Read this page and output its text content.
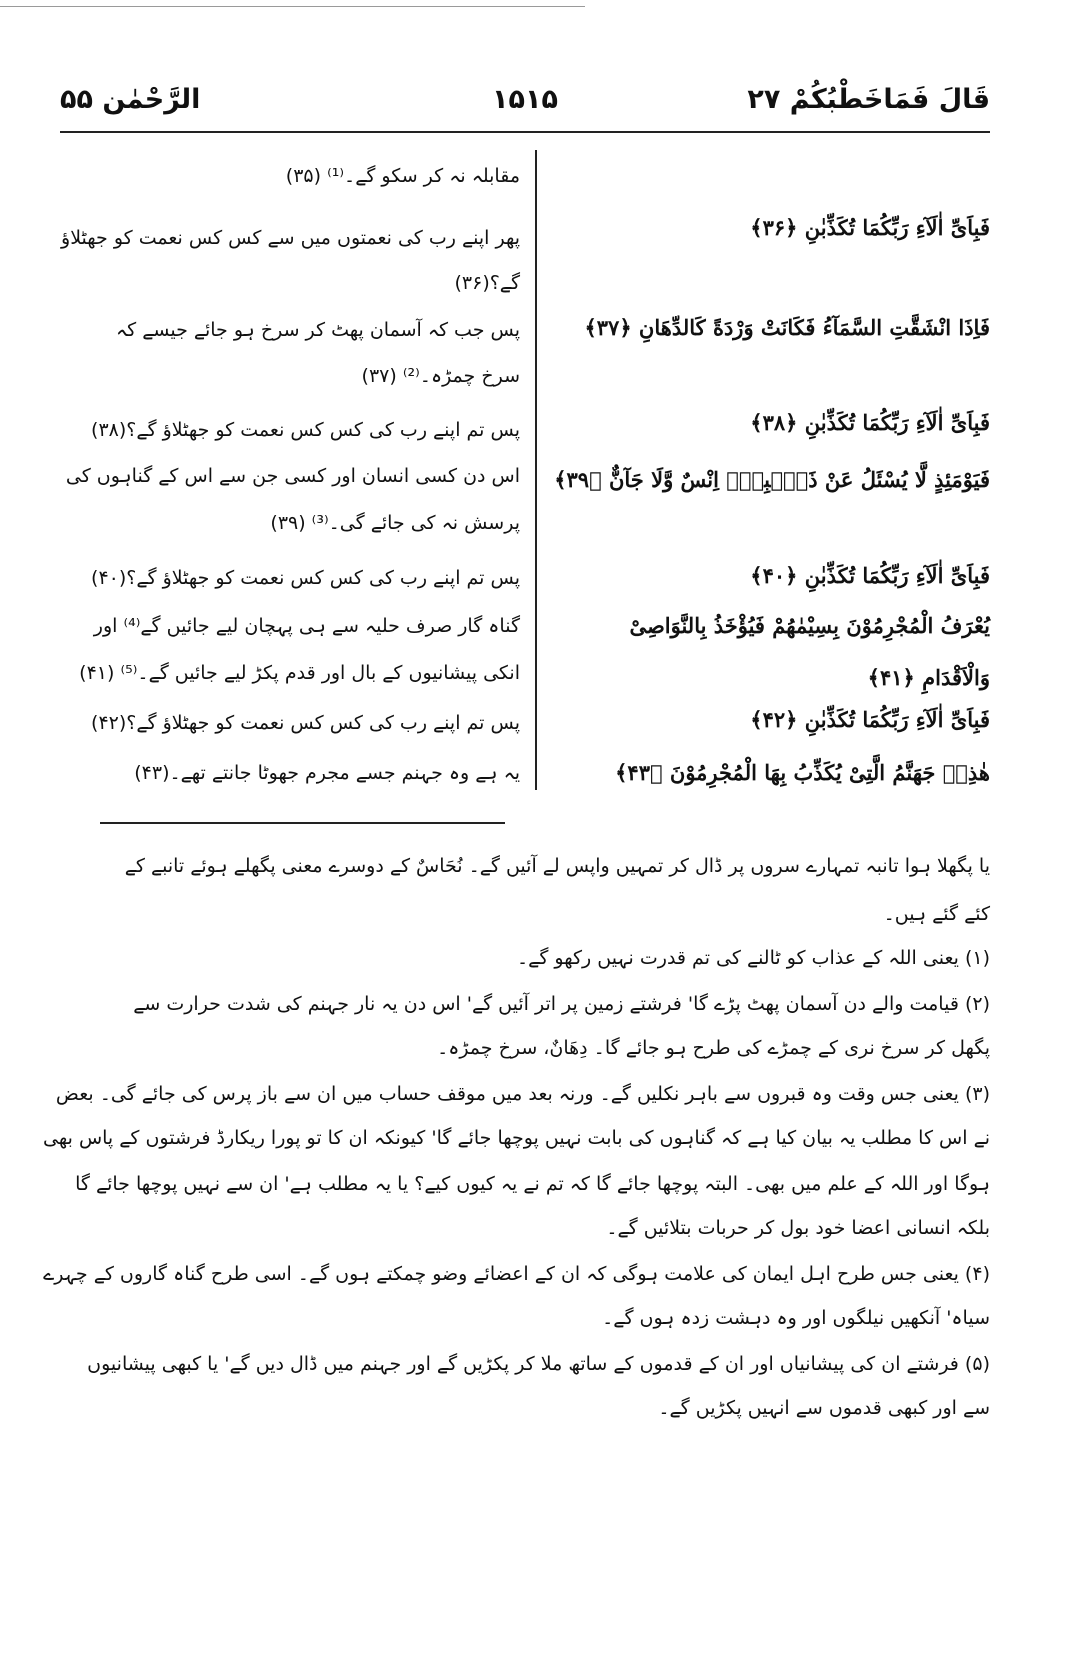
قَالَ فَمَاخَطْبُكُمْ ٢٧
۱۵۱۵
الرَّحْمٰن ۵۵
فَبِاَیِّ اٰلَآءِ رَبِّكُمَا تُكَذِّبٰنِ ﴿۳۶﴾
فَاِذَا انْشَقَّتِ السَّمَآءُ فَكَانَتْ وَرْدَةً كَالدِّهَانِ ﴿۳۷﴾
فَبِاَیِّ اٰلَآءِ رَبِّكُمَا تُكَذِّبٰنِ ﴿۳۸﴾
فَیَوْمَئِذٍ لَّا یُسْئَلُ عَنْ ذَنْۢبِهٖۤ اِنْسٌ وَّلَا جَآنٌّ ﴿۳۹﴾
فَبِاَیِّ اٰلَآءِ رَبِّكُمَا تُكَذِّبٰنِ ﴿۴۰﴾
یُعْرَفُ الْمُجْرِمُوْنَ بِسِیْمٰهُمْ فَیُؤْخَذُ بِالنَّوَاصِیْ
وَالْاَقْدَامِ ﴿۴۱﴾
فَبِاَیِّ اٰلَآءِ رَبِّكُمَا تُكَذِّبٰنِ ﴿۴۲﴾
هٰذِهٖ جَهَنَّمُ الَّتِیْ یُكَذِّبُ بِهَا الْمُجْرِمُوْنَ ﴿۴۳﴾
مقابلہ نہ کر سکو گے۔⁽¹⁾ (۳۵)
پھر اپنے رب کی نعمتوں میں سے کس کس نعمت کو جھٹلاؤ
گے؟(۳۶)
پس جب کہ آسمان پھٹ کر سرخ ہو جائے جیسے کہ
سرخ چمڑہ۔⁽²⁾ (۳۷)
پس تم اپنے رب کی کس کس نعمت کو جھٹلاؤ گے؟(۳۸)
اس دن کسی انسان اور کسی جن سے اس کے گناہوں کی
پرسش نہ کی جائے گی۔⁽³⁾ (۳۹)
پس تم اپنے رب کی کس کس نعمت کو جھٹلاؤ گے؟(۴۰)
گناہ گار صرف حلیہ سے ہی پہچان لیے جائیں گے⁽⁴⁾ اور
انکی پیشانیوں کے بال اور قدم پکڑ لیے جائیں گے۔⁽⁵⁾ (۴۱)
پس تم اپنے رب کی کس کس نعمت کو جھٹلاؤ گے؟(۴۲)
یہ ہے وہ جہنم جسے مجرم جھوٹا جانتے تھے۔(۴۳)
یا پگھلا ہوا تانبہ تمہارے سروں پر ڈال کر تمہیں واپس لے آئیں گے۔ نُحَاسٌ کے دوسرے معنی پگھلے ہوئے تانبے کے
کئے گئے ہیں۔
(۱) یعنی اللہ کے عذاب کو ٹالنے کی تم قدرت نہیں رکھو گے۔
(۲) قیامت والے دن آسمان پھٹ پڑے گا' فرشتے زمین پر اتر آئیں گے' اس دن یہ نار جہنم کی شدت حرارت سے
پگھل کر سرخ نری کے چمڑے کی طرح ہو جائے گا۔ دِهَانٌ، سرخ چمڑہ۔
(۳) یعنی جس وقت وہ قبروں سے باہر نکلیں گے۔ ورنہ بعد میں موقف حساب میں ان سے باز پرس کی جائے گی۔ بعض
نے اس کا مطلب یہ بیان کیا ہے کہ گناہوں کی بابت نہیں پوچھا جائے گا' کیونکہ ان کا تو پورا ریکارڈ فرشتوں کے پاس بھی
ہوگا اور اللہ کے علم میں بھی۔ البتہ پوچھا جائے گا کہ تم نے یہ کیوں کیے؟ یا یہ مطلب ہے' ان سے نہیں پوچھا جائے گا
بلکہ انسانی اعضا خود بول کر حربات بتلائیں گے۔
(۴) یعنی جس طرح اہل ایمان کی علامت ہوگی کہ ان کے اعضائے وضو چمکتے ہوں گے۔ اسی طرح گناہ گاروں کے چہرے
سیاہ' آنکھیں نیلگوں اور وہ دہشت زدہ ہوں گے۔
(۵) فرشتے ان کی پیشانیاں اور ان کے قدموں کے ساتھ ملا کر پکڑیں گے اور جہنم میں ڈال دیں گے' یا کبھی پیشانیوں
سے اور کبھی قدموں سے انہیں پکڑیں گے۔
